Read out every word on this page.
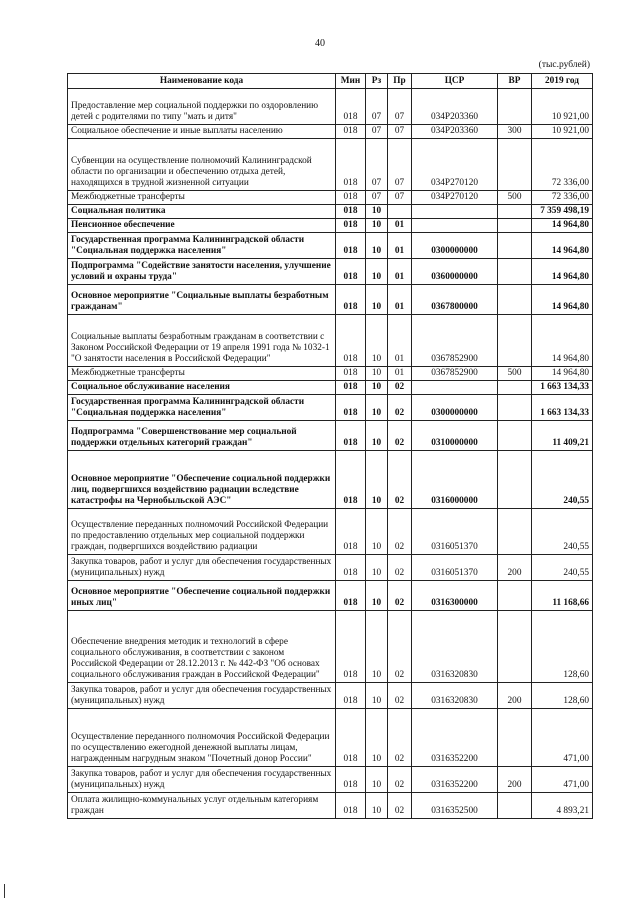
40
(тыс.рублей)
Наименование кода	Мин	Рз	Пр	ЦСР	ВР	2019 год
Предоставление мер социальной поддержки по оздоровлению детей с родителями по типу "мать и дитя"	018	07	07	034Р203360		10 921,00
Социальное обеспечение и иные выплаты населению	018	07	07	034Р203360	300	10 921,00
Субвенции на осуществление полномочий Калининградской области по организации и обеспечению отдыха детей, находящихся в трудной жизненной ситуации	018	07	07	034Р270120		72 336,00
Межбюджетные трансферты	018	07	07	034Р270120	500	72 336,00
Социальная политика	018	10				7 359 498,19
Пенсионное обеспечение	018	10	01			14 964,80
Государственная программа Калининградской области "Социальная поддержка населения"	018	10	01	0300000000		14 964,80
Подпрограмма "Содействие занятости населения, улучшение условий и охраны труда"	018	10	01	0360000000		14 964,80
Основное мероприятие "Социальные выплаты безработным гражданам"	018	10	01	0367800000		14 964,80
Социальные выплаты безработным гражданам в соответствии с Законом Российской Федерации от 19 апреля 1991 года № 1032-1 "О занятости населения в Российской Федерации"	018	10	01	0367852900		14 964,80
Межбюджетные трансферты	018	10	01	0367852900	500	14 964,80
Социальное обслуживание населения	018	10	02			1 663 134,33
Государственная программа Калининградской области "Социальная поддержка населения"	018	10	02	0300000000		1 663 134,33
Подпрограмма "Совершенствование мер социальной поддержки отдельных категорий граждан"	018	10	02	0310000000		11 409,21
Основное мероприятие "Обеспечение социальной поддержки лиц, подвергшихся воздействию радиации вследствие катастрофы на Чернобыльской АЭС"	018	10	02	0316000000		240,55
Осуществление переданных полномочий Российской Федерации по предоставлению отдельных мер социальной поддержки граждан, подвергшихся воздействию радиации	018	10	02	0316051370		240,55
Закупка товаров, работ и услуг для обеспечения государственных (муниципальных) нужд	018	10	02	0316051370	200	240,55
Основное мероприятие "Обеспечение социальной поддержки иных лиц"	018	10	02	0316300000		11 168,66
Обеспечение внедрения методик и технологий в сфере социального обслуживания, в соответствии с законом Российской Федерации от 28.12.2013 г. № 442-ФЗ "Об основах социального обслуживания граждан в Российской Федерации"	018	10	02	0316320830		128,60
Закупка товаров, работ и услуг для обеспечения государственных (муниципальных) нужд	018	10	02	0316320830	200	128,60
Осуществление переданного полномочия Российской Федерации по осуществлению ежегодной денежной выплаты лицам, награжденным нагрудным знаком "Почетный донор России"	018	10	02	0316352200		471,00
Закупка товаров, работ и услуг для обеспечения государственных (муниципальных) нужд	018	10	02	0316352200	200	471,00
Оплата жилищно-коммунальных услуг отдельным категориям граждан	018	10	02	0316352500		4 893,21
